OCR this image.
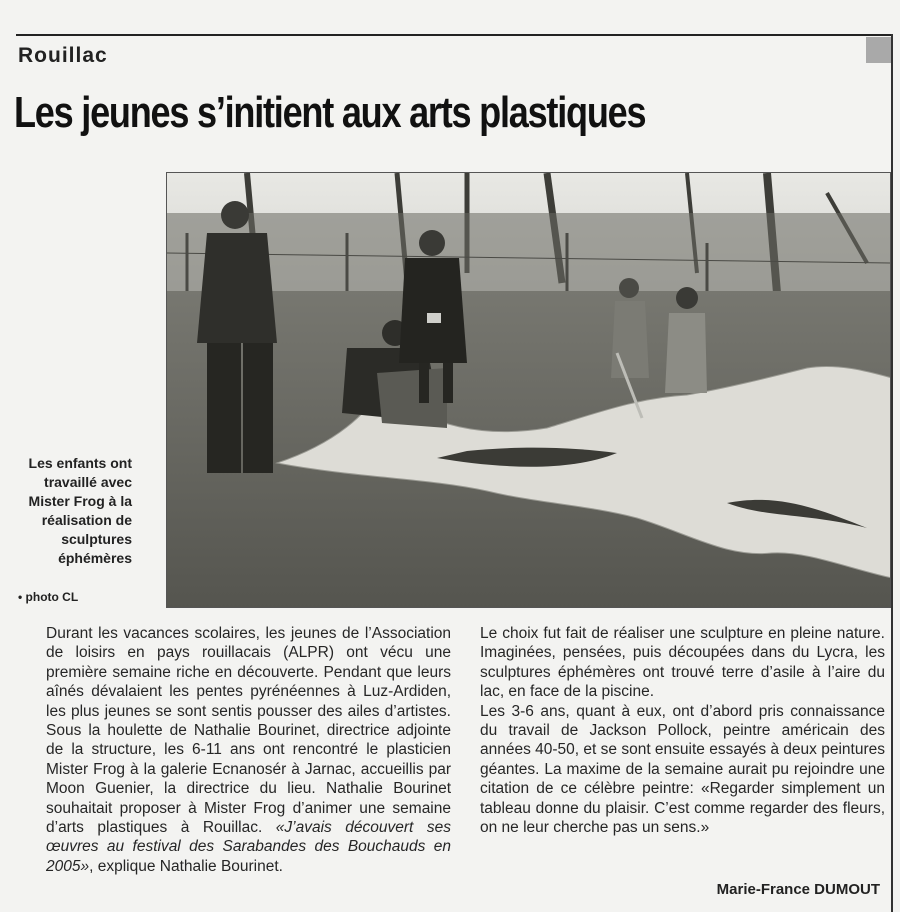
Rouillac
Les jeunes s’initient aux arts plastiques
Les enfants ont travaillé avec Mister Frog à la réalisation de sculptures éphémères
• photo CL

Durant les vacances scolaires, les jeunes de l’Association de loisirs en pays rouillacais (ALPR) ont vécu une première semaine riche en découverte. Pendant que leurs aînés dévalaient les pentes pyrénéennes à Luz-Ardiden, les plus jeunes se sont sentis pousser des ailes d’artistes. Sous la houlette de Nathalie Bourinet, directrice adjointe de la structure, les 6-11 ans ont rencontré le plasticien Mister Frog à la galerie Ecnanosér à Jarnac, accueillis par Moon Guenier, la directrice du lieu. Nathalie Bourinet souhaitait proposer à Mister Frog d’animer une semaine d’arts plastiques à Rouillac. «J’avais découvert ses œuvres au festival des Sarabandes des Bouchauds en 2005», explique Nathalie Bourinet.

Le choix fut fait de réaliser une sculpture en pleine nature. Imaginées, pensées, puis découpées dans du Lycra, les sculptures éphémères ont trouvé terre d’asile à l’aire du lac, en face de la piscine.

Les 3-6 ans, quant à eux, ont d’abord pris connaissance du travail de Jackson Pollock, peintre américain des années 40-50, et se sont ensuite essayés à deux peintures géantes. La maxime de la semaine aurait pu rejoindre une citation de ce célèbre peintre: «Regarder simplement un tableau donne du plaisir. C’est comme regarder des fleurs, on ne leur cherche pas un sens.»

Marie-France DUMOUT
